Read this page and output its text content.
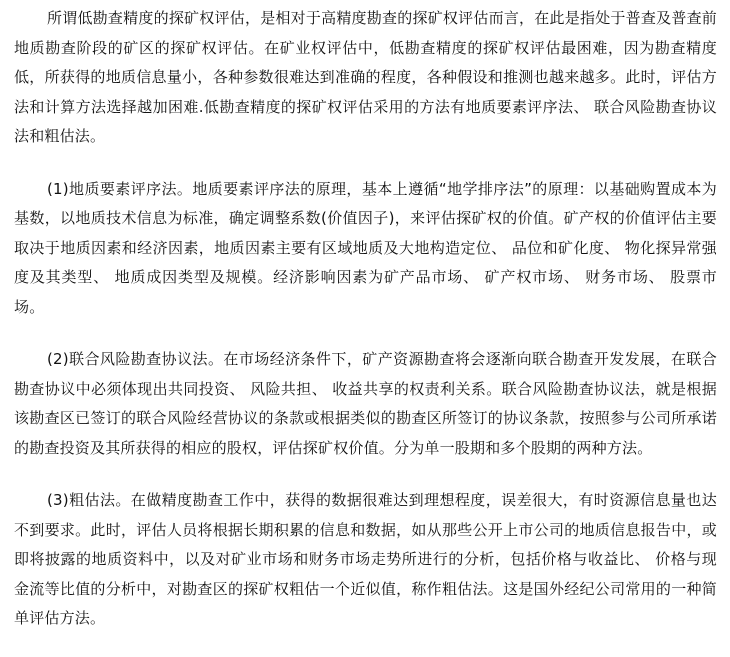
所谓低勘查精度的探矿权评估，是相对于高精度勘查的探矿权评估而言，在此是指处于普查及普查前地质勘查阶段的矿区的探矿权评估。在矿业权评估中，低勘查精度的探矿权评估最困难，因为勘查精度低，所获得的地质信息量小，各种参数很难达到准确的程度，各种假设和推测也越来越多。此时，评估方法和计算方法选择越加困难.低勘查精度的探矿权评估采用的方法有地质要素评序法、 联合风险勘查协议法和粗估法。

(1)地质要素评序法。地质要素评序法的原理，基本上遵循“地学排序法”的原理：以基础购置成本为基数，以地质技术信息为标准，确定调整系数(价值因子)，来评估探矿权的价值。矿产权的价值评估主要取决于地质因素和经济因素，地质因素主要有区域地质及大地构造定位、 品位和矿化度、 物化探异常强度及其类型、 地质成因类型及规模。经济影响因素为矿产品市场、 矿产权市场、 财务市场、 股票市场。

(2)联合风险勘查协议法。在市场经济条件下，矿产资源勘查将会逐渐向联合勘查开发发展，在联合勘查协议中必须体现出共同投资、 风险共担、 收益共享的权责利关系。联合风险勘查协议法，就是根据该勘查区已签订的联合风险经营协议的条款或根据类似的勘查区所签订的协议条款，按照参与公司所承诺的勘查投资及其所获得的相应的股权，评估探矿权价值。分为单一股期和多个股期的两种方法。

(3)粗估法。在做精度勘查工作中，获得的数据很难达到理想程度，误差很大，有时资源信息量也达不到要求。此时，评估人员将根据长期积累的信息和数据，如从那些公开上市公司的地质信息报告中，或即将披露的地质资料中，以及对矿业市场和财务市场走势所进行的分析，包括价格与收益比、 价格与现金流等比值的分析中，对勘查区的探矿权粗估一个近似值，称作粗估法。这是国外经纪公司常用的一种简单评估方法。
